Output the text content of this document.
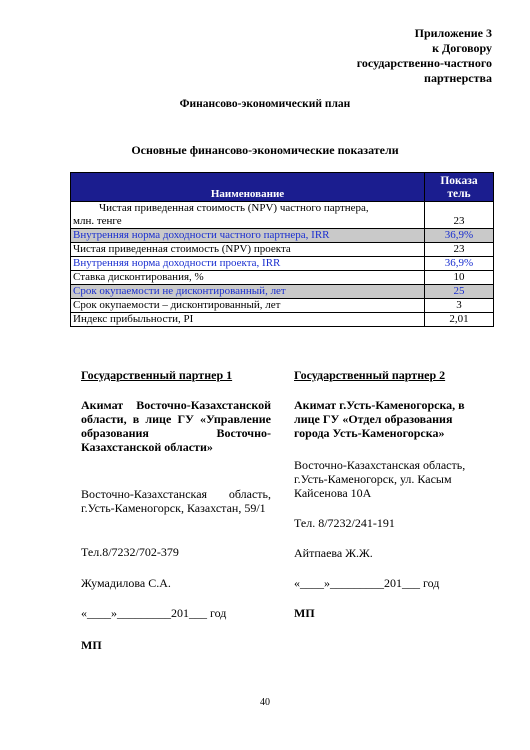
Приложение 3
к Договору
государственно-частного
партнерства
Финансово-экономический план
Основные финансово-экономические показатели
Наименование	Показа
тель
Чистая приведенная стоимость (NPV) частного партнера,
млн. тенге	23
Внутренняя норма доходности частного партнера, IRR	36,9%
Чистая приведенная стоимость (NPV) проекта	23
Внутренняя норма доходности проекта, IRR	36,9%
Ставка дисконтирования, %	10
Срок окупаемости не дисконтированный, лет	25
Срок окупаемости – дисконтированный, лет	3
Индекс прибыльности, PI	2,01
Государственный партнер 1
Акимат Восточно-Казахстанской области, в лице ГУ «Управление образования Восточно-Казахстанской области»
Восточно-Казахстанская область, г.Усть-Каменогорск, Казахстан, 59/1
Тел.8/7232/702-379
Жумадилова С.А.
«____»_________201___ год
МП
Государственный партнер 2
Акимат г.Усть-Каменогорска, в лице ГУ «Отдел образования города Усть-Каменогорска»
Восточно-Казахстанская область, г.Усть-Каменогорск, ул. Касым Кайсенова 10А
Тел. 8/7232/241-191
Айтпаева Ж.Ж.
«____»_________201___ год
МП
40
